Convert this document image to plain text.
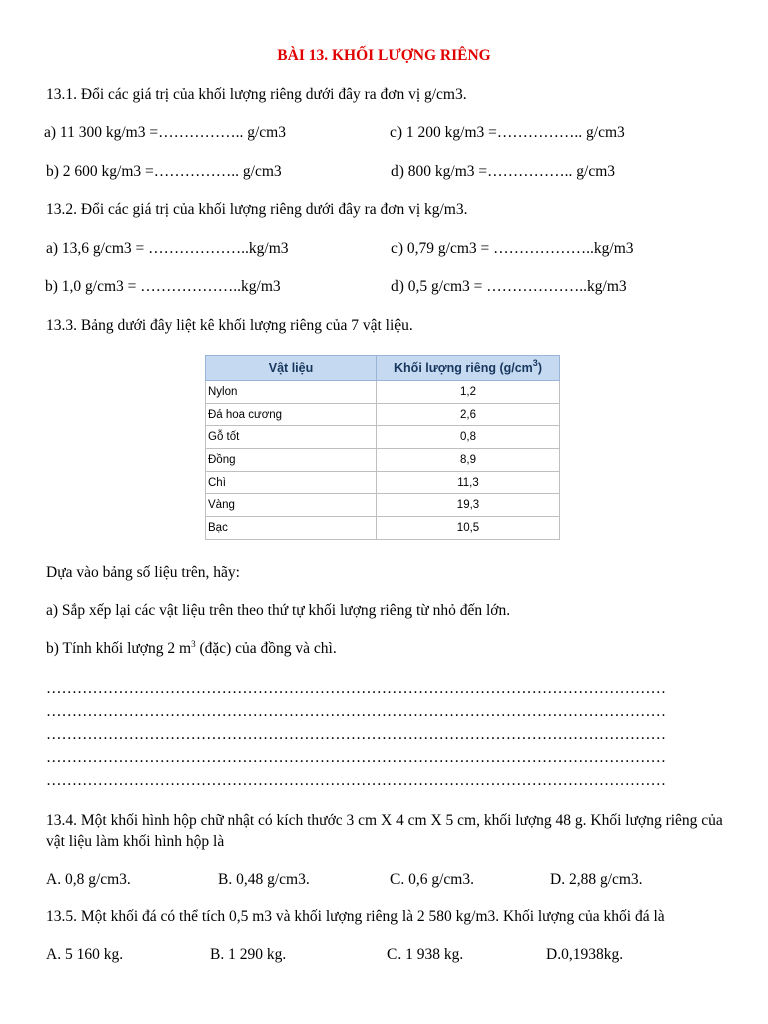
BÀI 13. KHỐI LƯỢNG RIÊNG
13.1. Đổi các giá trị của khối lượng riêng dưới đây ra đơn vị g/cm3.
a) 11 300 kg/m3 =…………….. g/cm3	c) 1 200 kg/m3 =…………….. g/cm3
b) 2 600 kg/m3 =…………….. g/cm3	d) 800 kg/m3 =…………….. g/cm3
13.2. Đổi các giá trị của khối lượng riêng dưới đây ra đơn vị kg/m3.
a) 13,6 g/cm3 = ………………..kg/m3	c) 0,79 g/cm3 = ………………..kg/m3
b) 1,0 g/cm3 = ………………..kg/m3	d) 0,5 g/cm3 = ………………..kg/m3
13.3. Bảng dưới đây liệt kê khối lượng riêng của 7 vật liệu.
Vật liệu	Khối lượng riêng $(g/cm^3)$
Nylon	1,2
Đá hoa cương	2,6
Gỗ tốt	0,8
Đồng	8,9
Chì	11,3
Vàng	19,3
Bạc	10,5
Dựa vào bảng số liệu trên, hãy:
a) Sắp xếp lại các vật liệu trên theo thứ tự khối lượng riêng từ nhỏ đến lớn.
b) Tính khối lượng 2 $m^3$ (đặc) của đồng và chì.
…………………………………………………………………………………………………………
…………………………………………………………………………………………………………
…………………………………………………………………………………………………………
…………………………………………………………………………………………………………
…………………………………………………………………………………………………………
13.4. Một khối hình hộp chữ nhật có kích thước 3 cm X 4 cm X 5 cm, khối lượng 48 g. Khối lượng riêng của vật liệu làm khối hình hộp là
A. 0,8 g/cm3.	B. 0,48 g/cm3.	C. 0,6 g/cm3.	D. 2,88 g/cm3.
13.5. Một khối đá có thể tích 0,5 m3 và khối lượng riêng là 2 580 kg/m3. Khối lượng của khối đá là
A. 5 160 kg.	B. 1 290 kg.	C. 1 938 kg.	D.0,1938kg.
